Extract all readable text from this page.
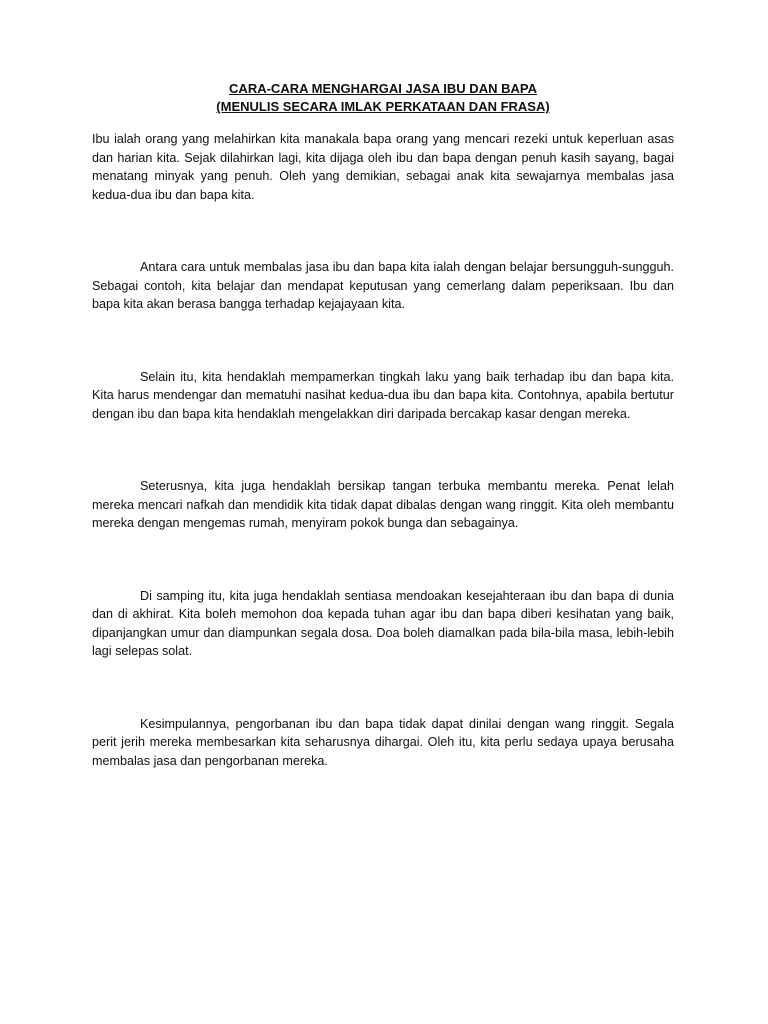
CARA-CARA MENGHARGAI JASA IBU DAN BAPA
(MENULIS SECARA IMLAK PERKATAAN DAN FRASA)

Ibu ialah orang yang melahirkan kita manakala bapa orang yang mencari rezeki untuk keperluan asas dan harian kita. Sejak dilahirkan lagi, kita dijaga oleh ibu dan bapa dengan penuh kasih sayang, bagai menatang minyak yang penuh. Oleh yang demikian, sebagai anak kita sewajarnya membalas jasa kedua-dua ibu dan bapa kita.

Antara cara untuk membalas jasa ibu dan bapa kita ialah dengan belajar bersungguh-sungguh. Sebagai contoh, kita belajar dan mendapat keputusan yang cemerlang dalam peperiksaan. Ibu dan bapa kita akan berasa bangga terhadap kejajayaan kita.

Selain itu, kita hendaklah mempamerkan tingkah laku yang baik terhadap ibu dan bapa kita. Kita harus mendengar dan mematuhi nasihat kedua-dua ibu dan bapa kita. Contohnya, apabila bertutur dengan ibu dan bapa kita hendaklah mengelakkan diri daripada bercakap kasar dengan mereka.

Seterusnya, kita juga hendaklah bersikap tangan terbuka membantu mereka. Penat lelah mereka mencari nafkah dan mendidik kita tidak dapat dibalas dengan wang ringgit. Kita oleh membantu mereka dengan mengemas rumah, menyiram pokok bunga dan sebagainya.

Di samping itu, kita juga hendaklah sentiasa mendoakan kesejahteraan ibu dan bapa di dunia dan di akhirat. Kita boleh memohon doa kepada tuhan agar ibu dan bapa diberi kesihatan yang baik, dipanjangkan umur dan diampunkan segala dosa. Doa boleh diamalkan pada bila-bila masa, lebih-lebih lagi selepas solat.

Kesimpulannya, pengorbanan ibu dan bapa tidak dapat dinilai dengan wang ringgit. Segala perit jerih mereka membesarkan kita seharusnya dihargai. Oleh itu, kita perlu sedaya upaya berusaha membalas jasa dan pengorbanan mereka.
